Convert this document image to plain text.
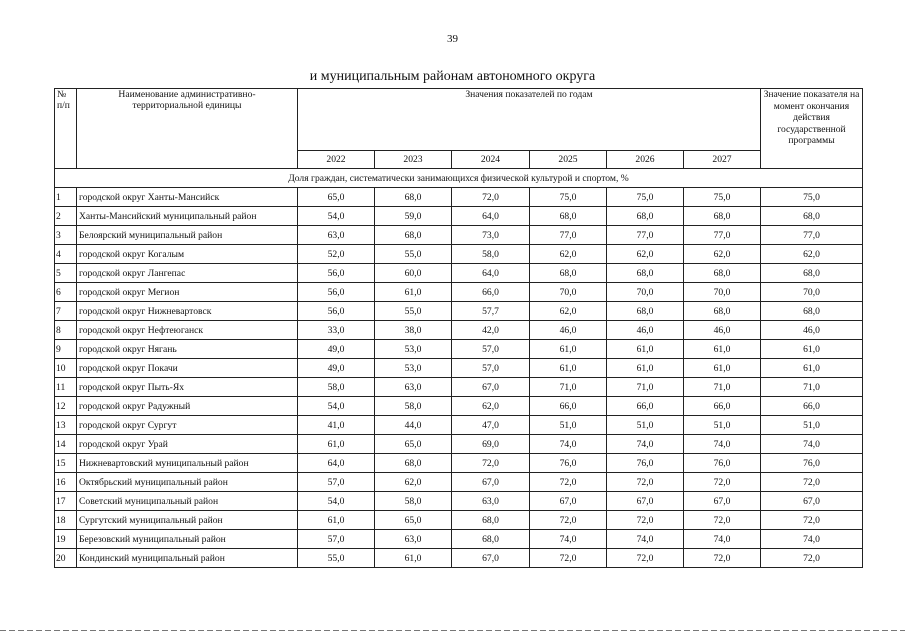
39
и муниципальным районам автономного округа
№
п/п	Наименование административно-
территориальной единицы	Значения показателей по годам						Значение показателя на момент окончания действия государственной программы
		2022	2023	2024	2025	2026	2027	
Доля граждан, систематически занимающихся физической культурой и спортом, %								
1	городской округ Ханты-Мансийск	65,0	68,0	72,0	75,0	75,0	75,0	75,0
2	Ханты-Мансийский муниципальный район	54,0	59,0	64,0	68,0	68,0	68,0	68,0
3	Белоярский муниципальный район	63,0	68,0	73,0	77,0	77,0	77,0	77,0
4	городской округ Когалым	52,0	55,0	58,0	62,0	62,0	62,0	62,0
5	городской округ Лангепас	56,0	60,0	64,0	68,0	68,0	68,0	68,0
6	городской округ Мегион	56,0	61,0	66,0	70,0	70,0	70,0	70,0
7	городской округ Нижневартовск	56,0	55,0	57,7	62,0	68,0	68,0	68,0
8	городской округ Нефтеюганск	33,0	38,0	42,0	46,0	46,0	46,0	46,0
9	городской округ Нягань	49,0	53,0	57,0	61,0	61,0	61,0	61,0
10	городской округ Покачи	49,0	53,0	57,0	61,0	61,0	61,0	61,0
11	городской округ Пыть-Ях	58,0	63,0	67,0	71,0	71,0	71,0	71,0
12	городской округ Радужный	54,0	58,0	62,0	66,0	66,0	66,0	66,0
13	городской округ Сургут	41,0	44,0	47,0	51,0	51,0	51,0	51,0
14	городской округ Урай	61,0	65,0	69,0	74,0	74,0	74,0	74,0
15	Нижневартовский муниципальный район	64,0	68,0	72,0	76,0	76,0	76,0	76,0
16	Октябрьский муниципальный район	57,0	62,0	67,0	72,0	72,0	72,0	72,0
17	Советский муниципальный район	54,0	58,0	63,0	67,0	67,0	67,0	67,0
18	Сургутский муниципальный район	61,0	65,0	68,0	72,0	72,0	72,0	72,0
19	Березовский муниципальный район	57,0	63,0	68,0	74,0	74,0	74,0	74,0
20	Кондинский муниципальный район	55,0	61,0	67,0	72,0	72,0	72,0	72,0
